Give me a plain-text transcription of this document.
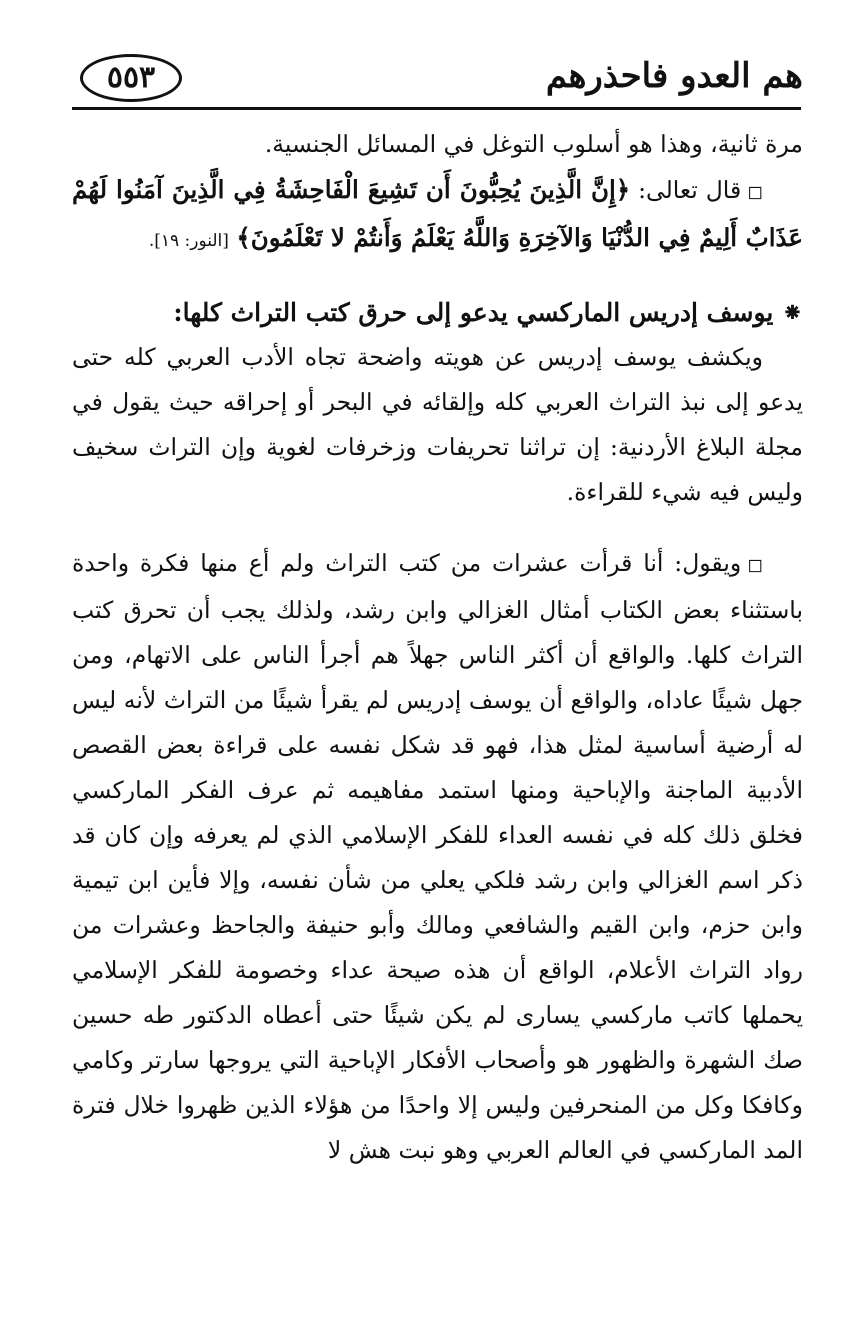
هم العدو فاحذرهم
٥٥٣

مرة ثانية، وهذا هو أسلوب التوغل في المسائل الجنسية.

◻قال تعالى: ﴿إِنَّ الَّذِينَ يُحِبُّونَ أَن تَشِيعَ الْفَاحِشَةُ فِي الَّذِينَ آمَنُوا لَهُمْ عَذَابٌ أَلِيمٌ فِي الدُّنْيَا وَالآخِرَةِ وَاللَّهُ يَعْلَمُ وَأَنتُمْ لا تَعْلَمُونَ﴾ [النور: ١٩].

⁕ يوسف إدريس الماركسي يدعو إلى حرق كتب التراث كلها:

ويكشف يوسف إدريس عن هويته واضحة تجاه الأدب العربي كله حتى يدعو إلى نبذ التراث العربي كله وإلقائه في البحر أو إحراقه حيث يقول في مجلة البلاغ الأردنية: إن تراثنا تحريفات وزخرفات لغوية وإن التراث سخيف وليس فيه شيء للقراءة.

◻ويقول: أنا قرأت عشرات من كتب التراث ولم أع منها فكرة واحدة باستثناء بعض الكتاب أمثال الغزالي وابن رشد، ولذلك يجب أن تحرق كتب التراث كلها. والواقع أن أكثر الناس جهلاً هم أجرأ الناس على الاتهام، ومن جهل شيئًا عاداه، والواقع أن يوسف إدريس لم يقرأ شيئًا من التراث لأنه ليس له أرضية أساسية لمثل هذا، فهو قد شكل نفسه على قراءة بعض القصص الأدبية الماجنة والإباحية ومنها استمد مفاهيمه ثم عرف الفكر الماركسي فخلق ذلك كله في نفسه العداء للفكر الإسلامي الذي لم يعرفه وإن كان قد ذكر اسم الغزالي وابن رشد فلكي يعلي من شأن نفسه، وإلا فأين ابن تيمية وابن حزم، وابن القيم والشافعي ومالك وأبو حنيفة والجاحظ وعشرات من رواد التراث الأعلام، الواقع أن هذه صيحة عداء وخصومة للفكر الإسلامي يحملها كاتب ماركسي يسارى لم يكن شيئًا حتى أعطاه الدكتور طه حسين صك الشهرة والظهور هو وأصحاب الأفكار الإباحية التي يروجها سارتر وكامي وكافكا وكل من المنحرفين وليس إلا واحدًا من هؤلاء الذين ظهروا خلال فترة المد الماركسي في العالم العربي وهو نبت هش لا
